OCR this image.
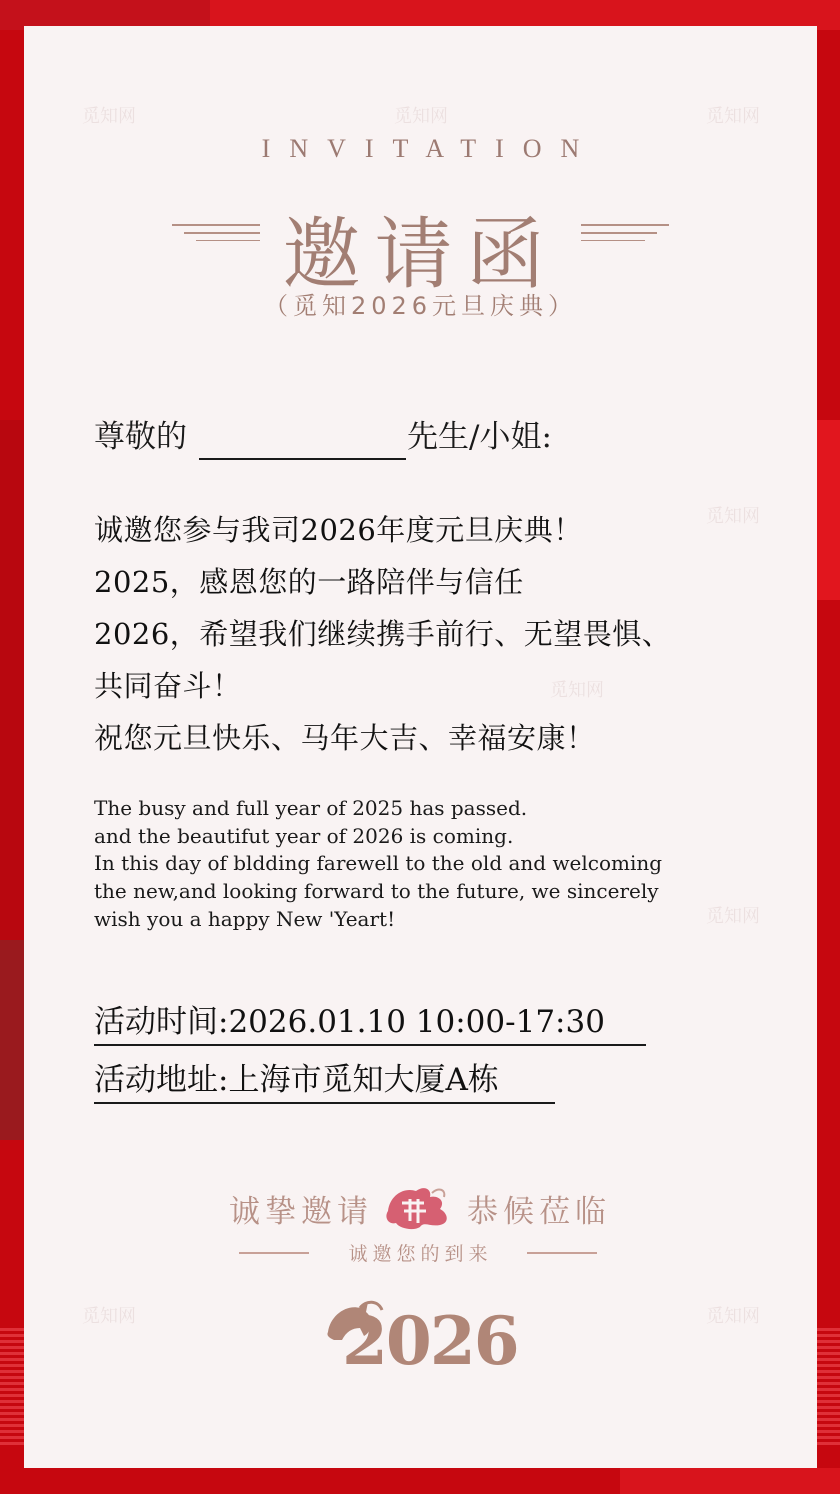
觅知网	觅知网	觅知网
觅知网
觅知网
觅知网
觅知网	觅知网
INVITATION
邀请函
（觅知2026元旦庆典）
尊敬的	先生/小姐:
诚邀您参与我司2026年度元旦庆典！
2025，感恩您的一路陪伴与信任
2026，希望我们继续携手前行、无望畏惧、
共同奋斗！
祝您元旦快乐、马年大吉、幸福安康！
The busy and full year of 2025 has passed.
and the beautifut year of 2026 is coming.
In this day of bldding farewell to the old and welcoming
the new,and looking forward to the future, we sincerely
wish you a happy New 'Yeart!
活动时间:2026.01.10 10:00-17:30
活动地址:上海市觅知大厦A栋
诚挚邀请	恭候莅临
诚邀您的到来
2026
